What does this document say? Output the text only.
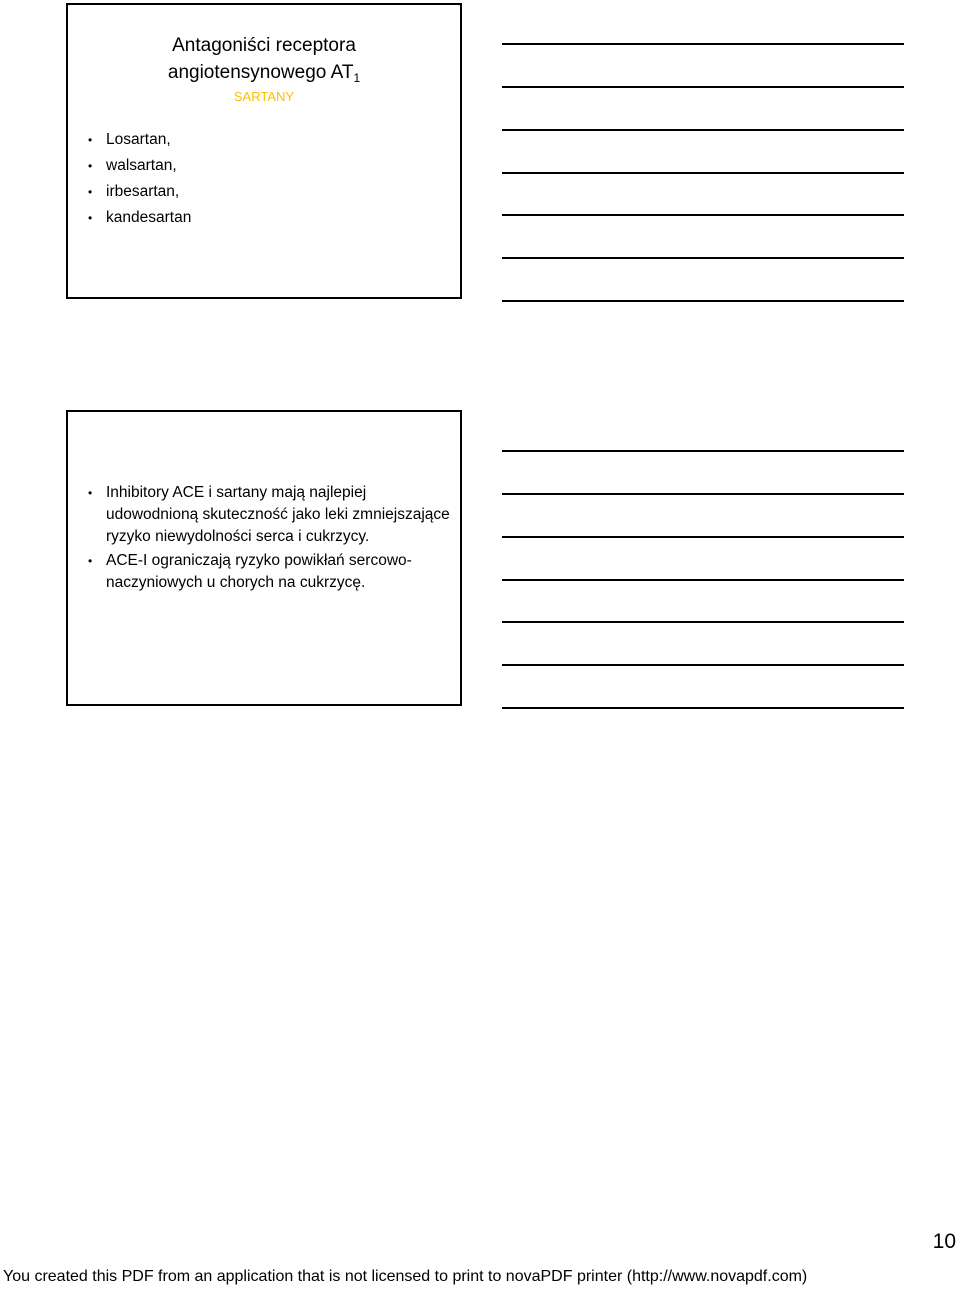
Antagoniści receptora
angiotensynowego $AT_1$
SARTANY
• Losartan,
• walsartan,
• irbesartan,
• kandesartan
• Inhibitory ACE i sartany mają najlepiej udowodnioną skuteczność jako leki zmniejszające ryzyko niewydolności serca i cukrzycy.
• ACE-I ograniczają ryzyko powikłań sercowo-naczyniowych u chorych na cukrzycę.
10
You created this PDF from an application that is not licensed to print to novaPDF printer (http://www.novapdf.com)
